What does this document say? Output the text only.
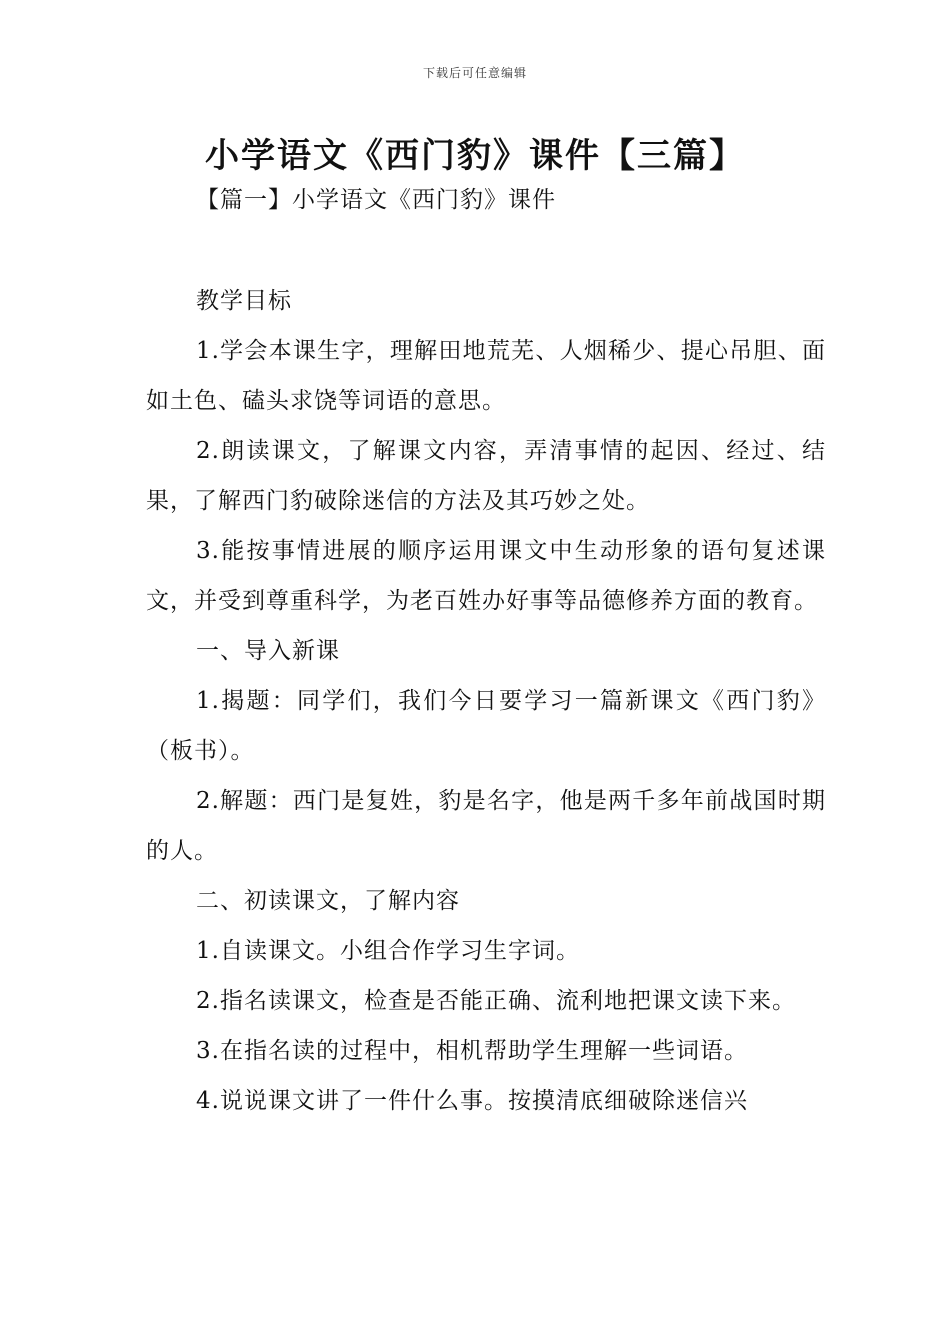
下载后可任意编辑
小学语文《西门豹》课件【三篇】
【篇一】小学语文《西门豹》课件

教学目标

1.学会本课生字，理解田地荒芜、人烟稀少、提心吊胆、面如土色、磕头求饶等词语的意思。

2.朗读课文，了解课文内容，弄清事情的起因、经过、结果，了解西门豹破除迷信的方法及其巧妙之处。

3.能按事情进展的顺序运用课文中生动形象的语句复述课文，并受到尊重科学，为老百姓办好事等品德修养方面的教育。

一、导入新课

1.揭题：同学们，我们今日要学习一篇新课文《西门豹》（板书）。

2.解题：西门是复姓，豹是名字，他是两千多年前战国时期的人。

二、初读课文，了解内容

1.自读课文。小组合作学习生字词。

2.指名读课文，检查是否能正确、流利地把课文读下来。

3.在指名读的过程中，相机帮助学生理解一些词语。

4.说说课文讲了一件什么事。按摸清底细破除迷信兴
